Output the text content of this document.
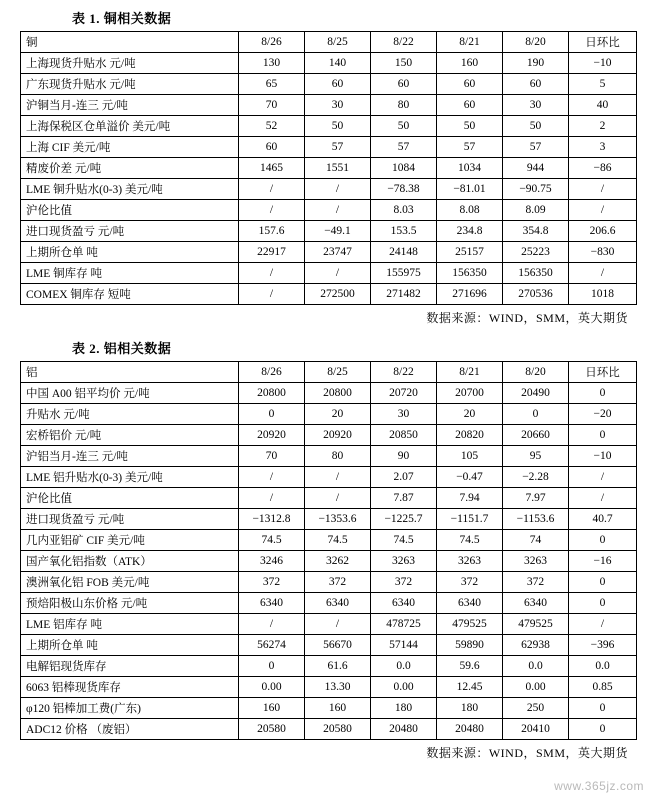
表 1. 铜相关数据
铜	8/26	8/25	8/22	8/21	8/20	日环比
上海现货升贴水 元/吨	130	140	150	160	190	−10
广东现货升贴水 元/吨	65	60	60	60	60	5
沪铜当月-连三 元/吨	70	30	80	60	30	40
上海保税区仓单溢价 美元/吨	52	50	50	50	50	2
上海 CIF 美元/吨	60	57	57	57	57	3
精废价差 元/吨	1465	1551	1084	1034	944	−86
LME 铜升贴水(0-3) 美元/吨	/	/	−78.38	−81.01	−90.75	/
沪伦比值	/	/	8.03	8.08	8.09	/
进口现货盈亏 元/吨	157.6	−49.1	153.5	234.8	354.8	206.6
上期所仓单 吨	22917	23747	24148	25157	25223	−830
LME 铜库存 吨	/	/	155975	156350	156350	/
COMEX 铜库存 短吨	/	272500	271482	271696	270536	1018
数据来源：WIND，SMM，英大期货
表 2. 铝相关数据
铝	8/26	8/25	8/22	8/21	8/20	日环比
中国 A00 铝平均价 元/吨	20800	20800	20720	20700	20490	0
升贴水 元/吨	0	20	30	20	0	−20
宏桥铝价 元/吨	20920	20920	20850	20820	20660	0
沪铝当月-连三 元/吨	70	80	90	105	95	−10
LME 铝升贴水(0-3) 美元/吨	/	/	2.07	−0.47	−2.28	/
沪伦比值	/	/	7.87	7.94	7.97	/
进口现货盈亏 元/吨	−1312.8	−1353.6	−1225.7	−1151.7	−1153.6	40.7
几内亚铝矿 CIF 美元/吨	74.5	74.5	74.5	74.5	74	0
国产氧化铝指数（ATK）	3246	3262	3263	3263	3263	−16
澳洲氧化铝 FOB 美元/吨	372	372	372	372	372	0
预焙阳极山东价格 元/吨	6340	6340	6340	6340	6340	0
LME 铝库存 吨	/	/	478725	479525	479525	/
上期所仓单 吨	56274	56670	57144	59890	62938	−396
电解铝现货库存	0	61.6	0.0	59.6	0.0	0.0
6063 铝棒现货库存	0.00	13.30	0.00	12.45	0.00	0.85
φ120 铝棒加工费(广东)	160	160	180	180	250	0
ADC12 价格 （废铝）	20580	20580	20480	20480	20410	0
数据来源：WIND，SMM，英大期货
www.365jz.com
